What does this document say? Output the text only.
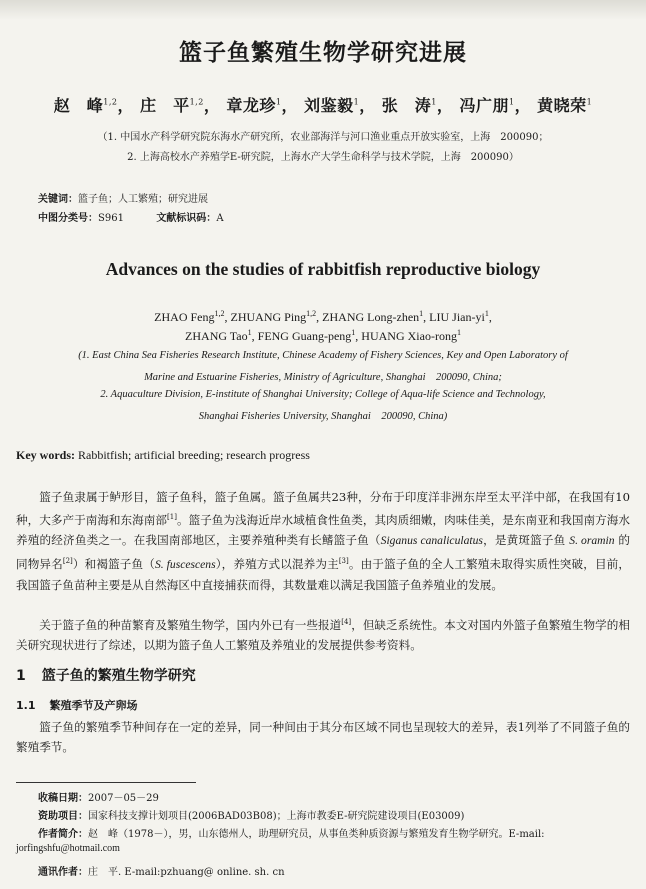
篮子鱼繁殖生物学研究进展
赵　峰$^{1,2}$， 庄　平$^{1,2}$， 章龙珍$^1$， 刘鉴毅$^1$， 张　涛$^1$， 冯广朋$^1$， 黄晓荣$^1$
（1. 中国水产科学研究院东海水产研究所，农业部海洋与河口渔业重点开放实验室，上海　200090；
2. 上海高校水产养殖学E-研究院，上海水产大学生命科学与技术学院，上海　200090）
关键词：篮子鱼；人工繁殖；研究进展
中图分类号：S961	文献标识码：A
Advances on the studies of rabbitfish reproductive biology
ZHAO Feng$^{1,2}$, ZHUANG Ping$^{1,2}$, ZHANG Long-zhen$^1$, LIU Jian-$yi^1$,
ZHANG Tao$^1$, FENG Guang-peng$^1$, HUANG Xiao-rong$^1$
(1. East China Sea Fisheries Research Institute, Chinese Academy of Fishery Sciences, Key and Open Laboratory of
Marine and Estuarine Fisheries, Ministry of Agriculture, Shanghai　200090, China;
2. Aquaculture Division, E-institute of Shanghai University; College of Aqua-life Science and Technology,
Shanghai Fisheries University, Shanghai　200090, China)
Key words: Rabbitfish; artificial breeding; research progress
篮子鱼隶属于鲈形目，篮子鱼科，篮子鱼属。篮子鱼属共23种，分布于印度洋非洲东岸至太平洋中部，在我国有10种，大多产于南海和东海南部[1]。篮子鱼为浅海近岸水域植食性鱼类，其肉质细嫩，肉味佳美，是东南亚和我国南方海水养殖的经济鱼类之一。在我国南部地区，主要养殖种类有长鳍篮子鱼（Siganus canaliculatus，是黄斑篮子鱼 S. oramin 的同物异名[2]）和褐篮子鱼（S. fuscescens），养殖方式以混养为主[3]。由于篮子鱼的全人工繁殖未取得实质性突破，目前，我国篮子鱼苗种主要是从自然海区中直接捕获而得，其数量难以满足我国篮子鱼养殖业的发展。
关于篮子鱼的种苗繁育及繁殖生物学，国内外已有一些报道[4]，但缺乏系统性。本文对国内外篮子鱼繁殖生物学的相关研究现状进行了综述，以期为篮子鱼人工繁殖及养殖业的发展提供参考资料。
1 篮子鱼的繁殖生物学研究
1.1 繁殖季节及产卵场
篮子鱼的繁殖季节种间存在一定的差异，同一种间由于其分布区域不同也呈现较大的差异，表1列举了不同篮子鱼的繁殖季节。
收稿日期：2007－05－29
资助项目：国家科技支撑计划项目(2006BAD03B08)；上海市教委E-研究院建设项目(E03009)
作者简介：赵　峰（1978－），男，山东德州人，助理研究员，从事鱼类种质资源与繁殖发育生物学研究。E-mail:
jorfingshfu@hotmail.com
通讯作者：庄　平. E-mail:pzhuang@ online. sh. cn
